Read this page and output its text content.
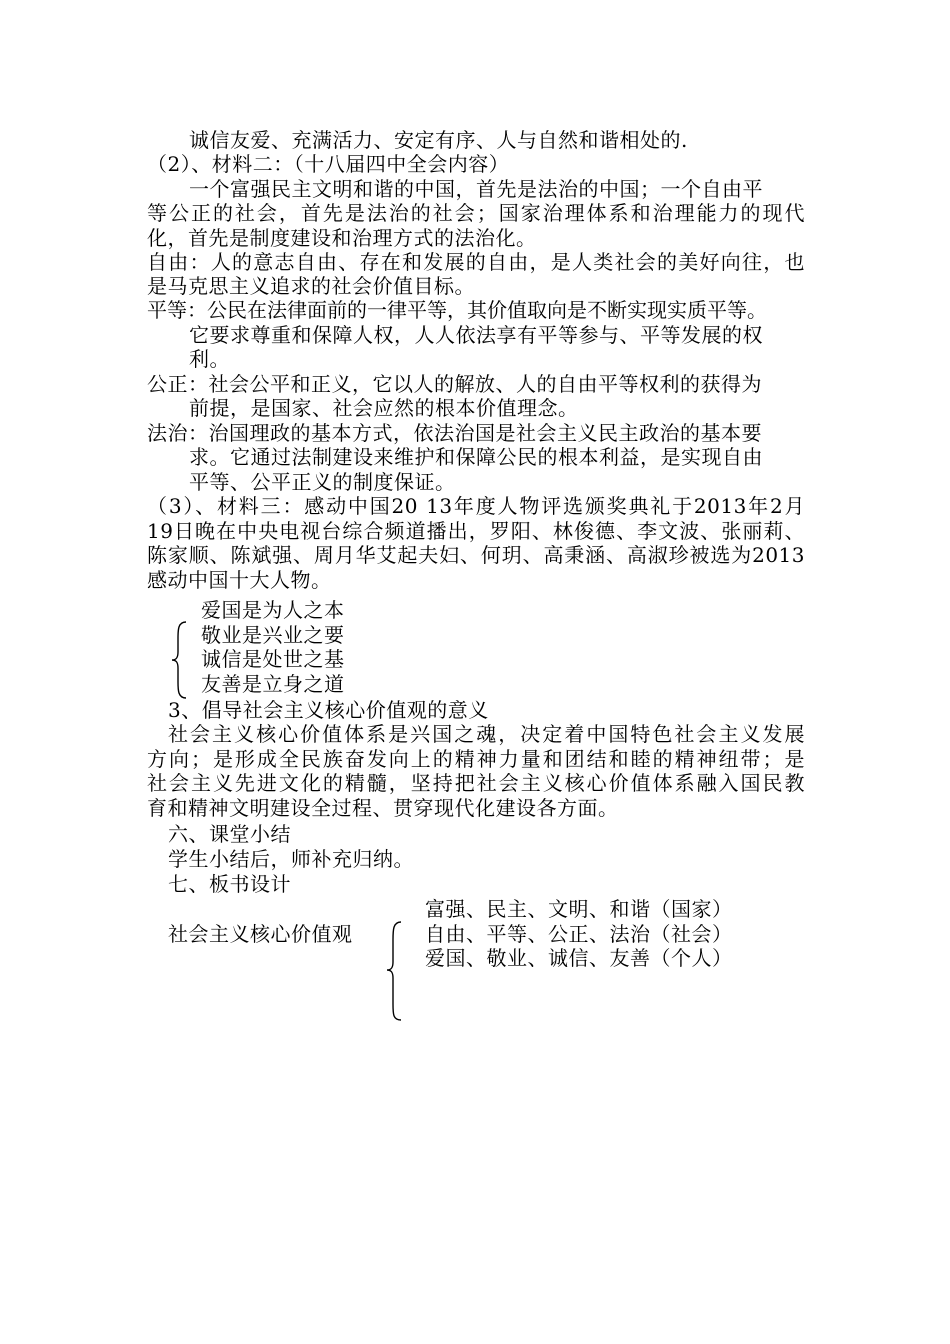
诚信友爱、充满活力、安定有序、人与自然和谐相处的.
（2）、材料二：（十八届四中全会内容）
一个富强民主文明和谐的中国，首先是法治的中国；一个自由平
等公正的社会，首先是法治的社会；国家治理体系和治理能力的现代
化，首先是制度建设和治理方式的法治化。
自由：人的意志自由、存在和发展的自由，是人类社会的美好向往，也
是马克思主义追求的社会价值目标。
平等：公民在法律面前的一律平等，其价值取向是不断实现实质平等。
它要求尊重和保障人权，人人依法享有平等参与、平等发展的权
利。
公正：社会公平和正义，它以人的解放、人的自由平等权利的获得为
前提，是国家、社会应然的根本价值理念。
法治：治国理政的基本方式，依法治国是社会主义民主政治的基本要
求。它通过法制建设来维护和保障公民的根本利益，是实现自由
平等、公平正义的制度保证。
（3）、材料三：感动中国20 13年度人物评选颁奖典礼于2013年2月
19日晚在中央电视台综合频道播出，罗阳、林俊德、李文波、张丽莉、
陈家顺、陈斌强、周月华艾起夫妇、何玥、高秉涵、高淑珍被选为2013
感动中国十大人物。
爱国是为人之本
敬业是兴业之要
诚信是处世之基
友善是立身之道
3、倡导社会主义核心价值观的意义
社会主义核心价值体系是兴国之魂，决定着中国特色社会主义发展
方向；是形成全民族奋发向上的精神力量和团结和睦的精神纽带；是
社会主义先进文化的精髓，坚持把社会主义核心价值体系融入国民教
育和精神文明建设全过程、贯穿现代化建设各方面。
六、课堂小结
学生小结后，师补充归纳。
七、板书设计
富强、民主、文明、和谐（国家）
社会主义核心价值观	自由、平等、公正、法治（社会）
爱国、敬业、诚信、友善（个人）
